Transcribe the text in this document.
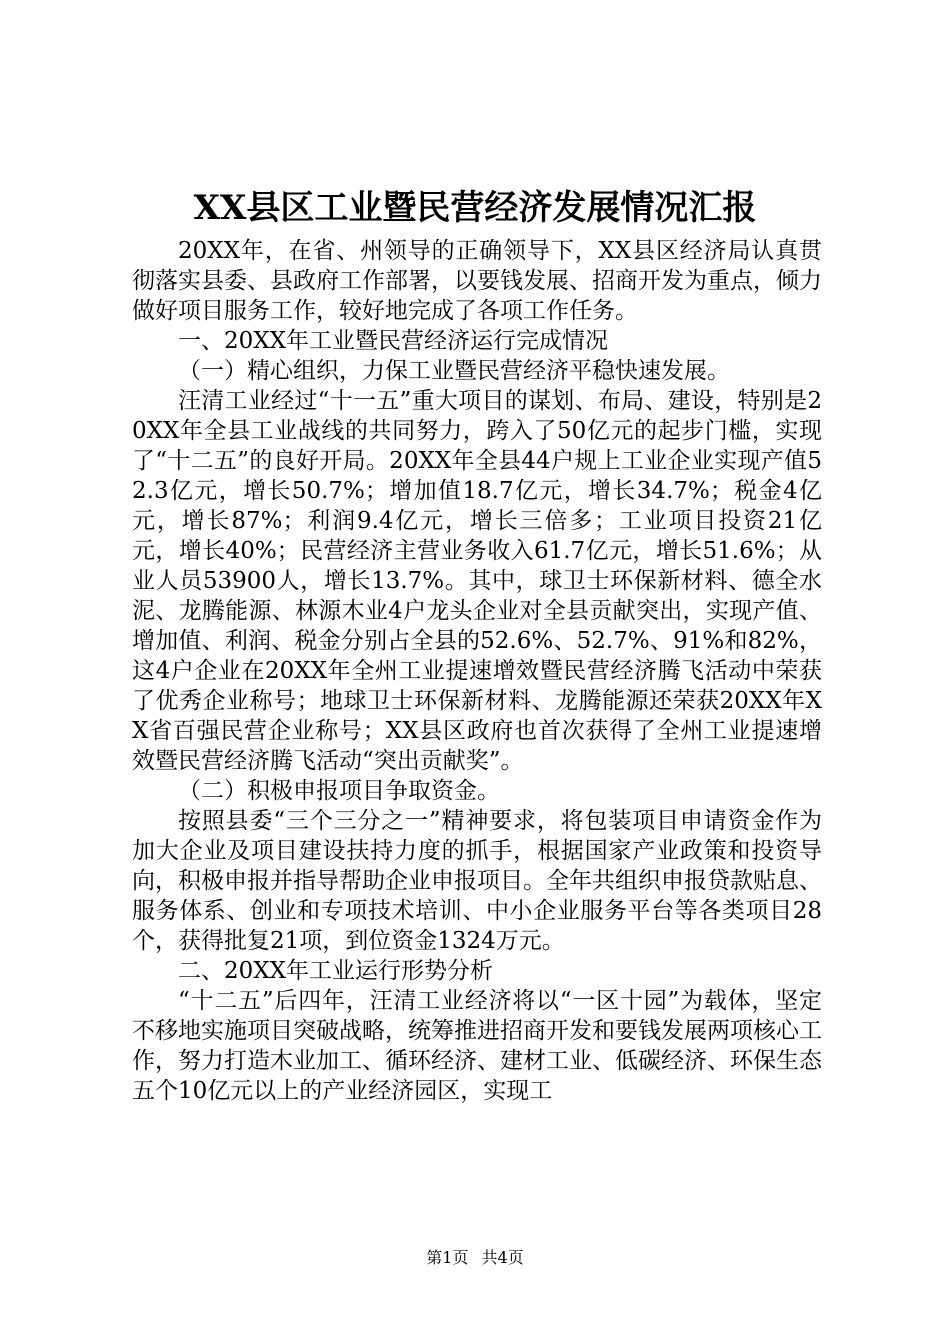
XX县区工业暨民营经济发展情况汇报

20XX年，在省、州领导的正确领导下，XX县区经济局认真贯彻落实县委、县政府工作部署，以要钱发展、招商开发为重点，倾力做好项目服务工作，较好地完成了各项工作任务。

一、20XX年工业暨民营经济运行完成情况

（一）精心组织，力保工业暨民营经济平稳快速发展。

汪清工业经过“十一五”重大项目的谋划、布局、建设，特别是20XX年全县工业战线的共同努力，跨入了50亿元的起步门槛，实现了“十二五”的良好开局。20XX年全县44户规上工业企业实现产值52.3亿元，增长50.7%；增加值18.7亿元，增长34.7%；税金4亿元，增长87%；利润9.4亿元，增长三倍多；工业项目投资21亿元，增长40%；民营经济主营业务收入61.7亿元，增长51.6%；从业人员53900人，增长13.7%。其中，球卫士环保新材料、德全水泥、龙腾能源、林源木业4户龙头企业对全县贡献突出，实现产值、增加值、利润、税金分别占全县的52.6%、52.7%、91%和82%，这4户企业在20XX年全州工业提速增效暨民营经济腾飞活动中荣获了优秀企业称号；地球卫士环保新材料、龙腾能源还荣获20XX年XX省百强民营企业称号；XX县区政府也首次获得了全州工业提速增效暨民营经济腾飞活动“突出贡献奖”。

（二）积极申报项目争取资金。

按照县委“三个三分之一”精神要求，将包装项目申请资金作为加大企业及项目建设扶持力度的抓手，根据国家产业政策和投资导向，积极申报并指导帮助企业申报项目。全年共组织申报贷款贴息、服务体系、创业和专项技术培训、中小企业服务平台等各类项目28个，获得批复21项，到位资金1324万元。

二、20XX年工业运行形势分析

“十二五”后四年，汪清工业经济将以“一区十园”为载体，坚定不移地实施项目突破战略，统筹推进招商开发和要钱发展两项核心工作，努力打造木业加工、循环经济、建材工业、低碳经济、环保生态五个10亿元以上的产业经济园区，实现工

第1页 共4页
